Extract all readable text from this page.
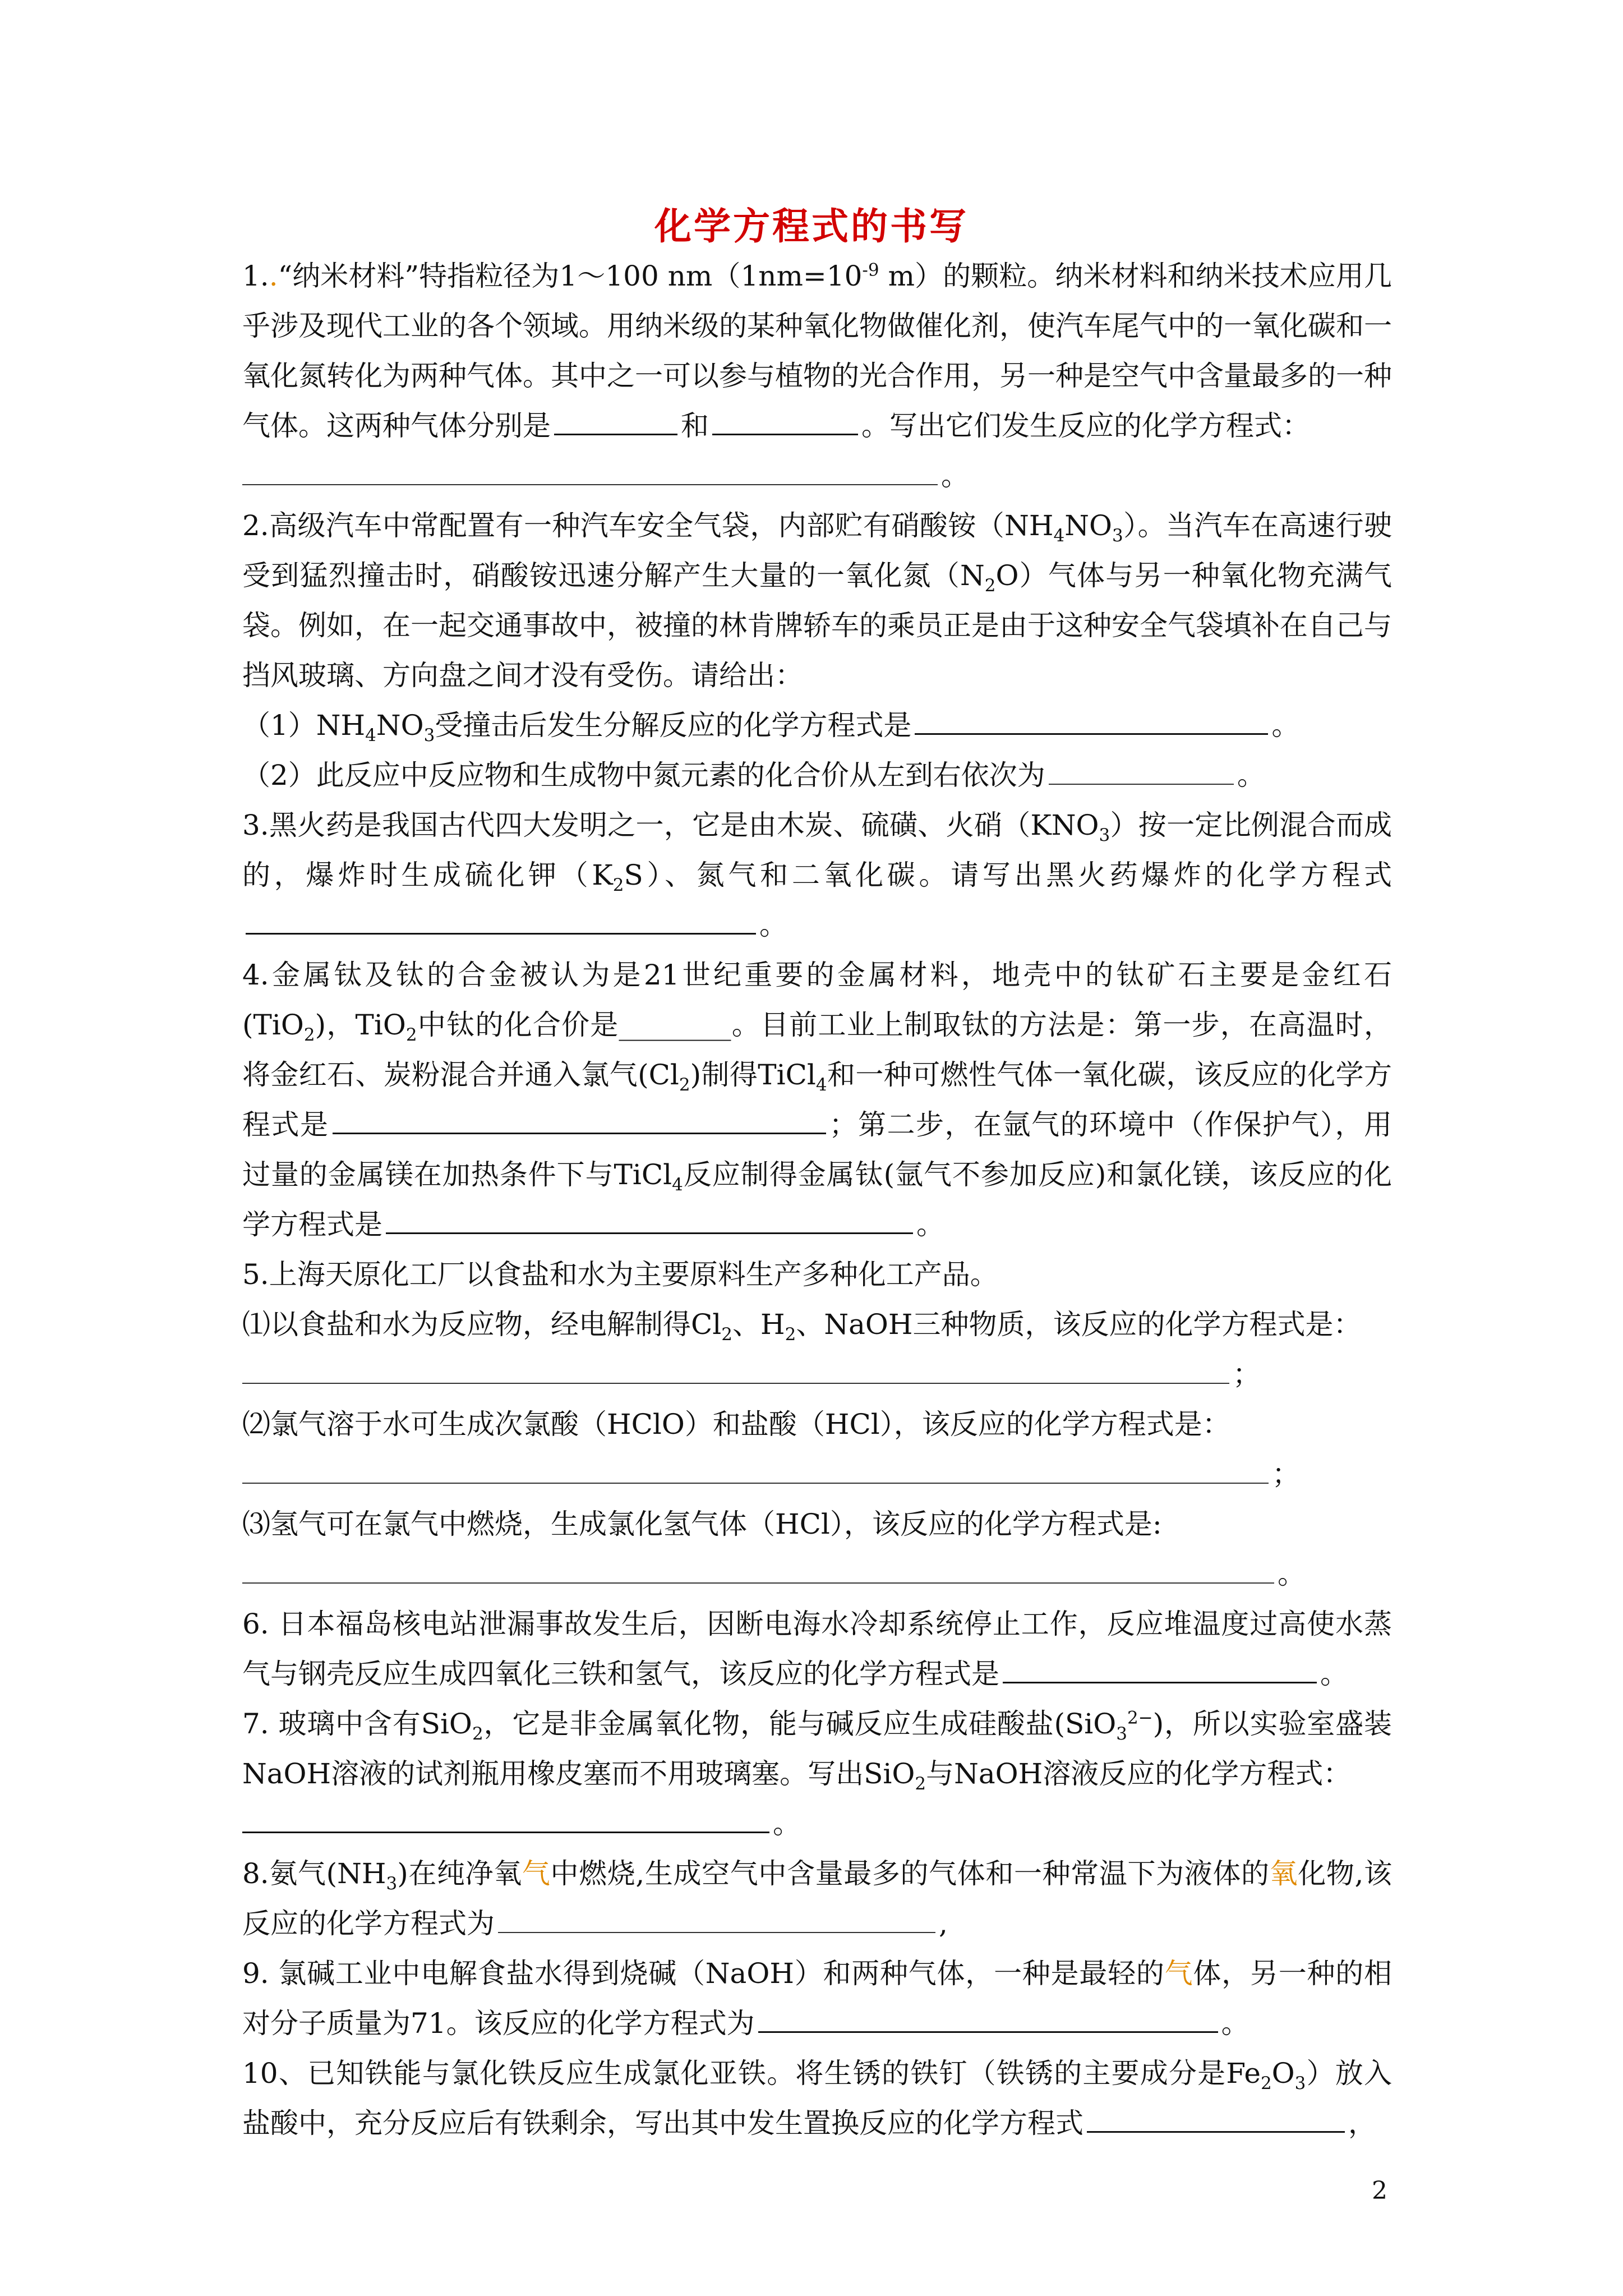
化学方程式的书写

1..“纳米材料”特指粒径为1～100 $nm(1nm=10^{-9}$ m）的颗粒。纳米材料和纳米技术应用几乎涉及现代工业的各个领域。用纳米级的某种氧化物做催化剂，使汽车尾气中的一氧化碳和一氧化氮转化为两种气体。其中之一可以参与植物的光合作用，另一种是空气中含量最多的一种气体。这两种气体分别是	和	。写出它们发生反应的化学方程式：

。

2.高级汽车中常配置有一种汽车安全气袋，内部贮有硝酸铵$(NH_4NO_3)$。当汽车在高速行驶受到猛烈撞击时，硝酸铵迅速分解产生大量的一氧化氮$(N_2O)$气体与另一种氧化物充满气袋。例如，在一起交通事故中，被撞的林肯牌轿车的乘员正是由于这种安全气袋填补在自己与挡风玻璃、方向盘之间才没有受伤。请给出：

$(1)NH_4NO_3$受撞击后发生分解反应的化学方程式是	。

（2）此反应中反应物和生成物中氮元素的化合价从左到右依次为	。

3.黑火药是我国古代四大发明之一，它是由木炭、硫磺、火硝$(KNO_3)$按一定比例混合而成的，爆炸时生成硫化钾$(K_2S)$、氮气和二氧化碳。请写出黑火药爆炸的化学方程式。

4.金属钛及钛的合金被认为是21世纪重要的金属材料，地壳中的钛矿石主要是金红石(TiO$_2$)，TiO$_2$中钛的化合价是________。目前工业上制取钛的方法是：第一步，在高温时，将金红石、炭粉混合并通入氯气$(Cl_2)$制得TiCl$_4$和一种可燃性气体一氧化碳，该反应的化学方程式是	；第二步，在氩气的环境中（作保护气），用过量的金属镁在加热条件下与TiCl$_4$反应制得金属钛(氩气不参加反应)和氯化镁，该反应的化学方程式是	。

5.上海天原化工厂以食盐和水为主要原料生产多种化工产品。

⑴以食盐和水为反应物，经电解制得$Cl_2$、$H_2$、NaOH三种物质，该反应的化学方程式是：

；

⑵氯气溶于水可生成次氯酸（HClO）和盐酸（HCl），该反应的化学方程式是：

；

⑶氢气可在氯气中燃烧，生成氯化氢气体（HCl），该反应的化学方程式是:

。

6. 日本福岛核电站泄漏事故发生后，因断电海水冷却系统停止工作，反应堆温度过高使水蒸气与钢壳反应生成四氧化三铁和氢气，该反应的化学方程式是	。

7. 玻璃中含有SiO$_2$，它是非金属氧化物，能与碱反应生成硅酸盐(SiO$_3^{2-}$)，所以实验室盛装NaOH溶液的试剂瓶用橡皮塞而不用玻璃塞。写出SiO$_2$与NaOH溶液反应的化学方程式：

。

8.氨气$(NH_3)$在纯净氧气中燃烧,生成空气中含量最多的气体和一种常温下为液体的氧化物,该反应的化学方程式为	,

9. 氯碱工业中电解食盐水得到烧碱（NaOH）和两种气体，一种是最轻的气体，另一种的相对分子质量为71。该反应的化学方程式为	。

10、已知铁能与氯化铁反应生成氯化亚铁。将生锈的铁钉（铁锈的主要成分是$Fe_2O_3$）放入盐酸中，充分反应后有铁剩余，写出其中发生置换反应的化学方程式	，

2
